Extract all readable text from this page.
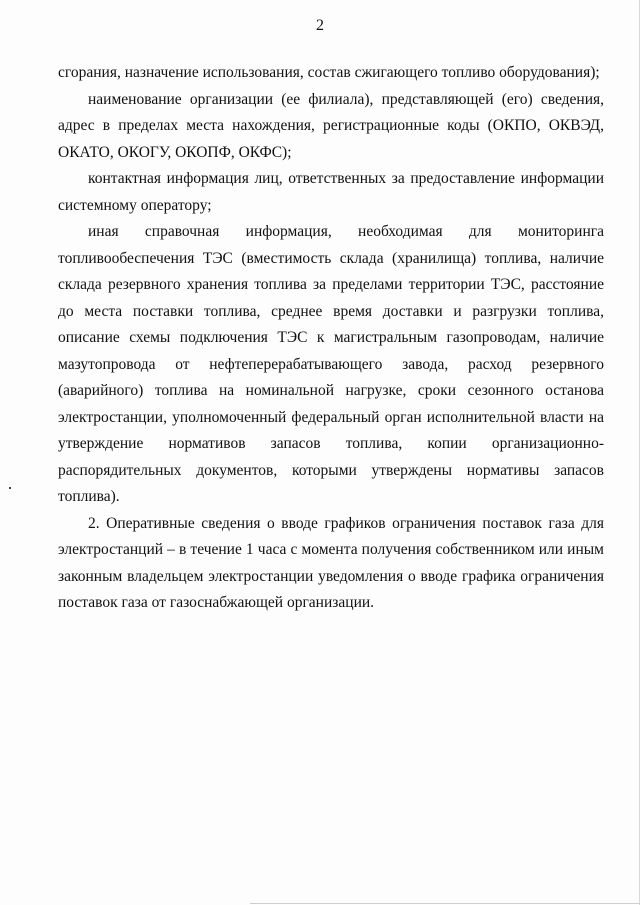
2

сгорания, назначение использования, состав сжигающего топливо оборудования);

наименование организации (ее филиала), представляющей (его) сведения, адрес в пределах места нахождения, регистрационные коды (ОКПО, ОКВЭД, ОКАТО, ОКОГУ, ОКОПФ, ОКФС);

контактная информация лиц, ответственных за предоставление информации системному оператору;

иная справочная информация, необходимая для мониторинга топливообеспечения ТЭС (вместимость склада (хранилища) топлива, наличие склада резервного хранения топлива за пределами территории ТЭС, расстояние до места поставки топлива, среднее время доставки и разгрузки топлива, описание схемы подключения ТЭС к магистральным газопроводам, наличие мазутопровода от нефтеперерабатывающего завода, расход резервного (аварийного) топлива на номинальной нагрузке, сроки сезонного останова электростанции, уполномоченный федеральный орган исполнительной власти на утверждение нормативов запасов топлива, копии организационно-распорядительных документов, которыми утверждены нормативы запасов топлива).

2. Оперативные сведения о вводе графиков ограничения поставок газа для электростанций – в течение 1 часа с момента получения собственником или иным законным владельцем электростанции уведомления о вводе графика ограничения поставок газа от газоснабжающей организации.
